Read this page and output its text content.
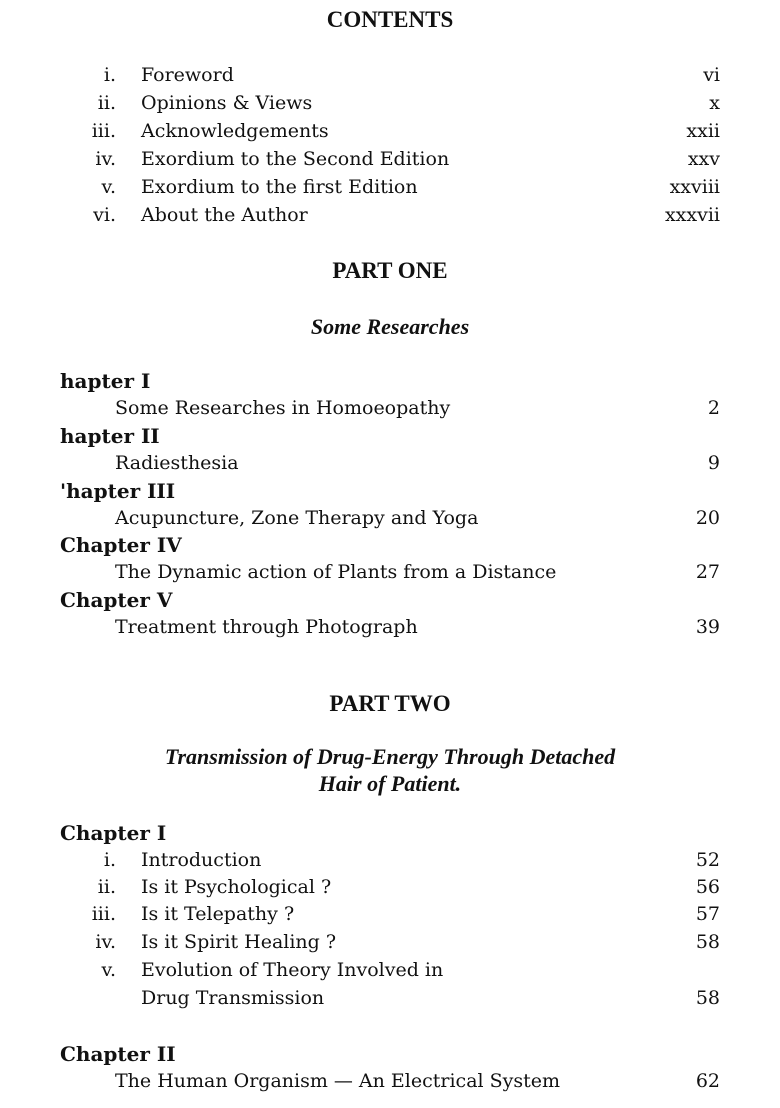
CONTENTS
i. Foreword	vi
ii. Opinions & Views	x
iii. Acknowledgements	xxii
iv. Exordium to the Second Edition	xxv
v. Exordium to the first Edition	xxviii
vi. About the Author	xxxvii
PART ONE
Some Researches
hapter I
Some Researches in Homoeopathy	2
hapter II
Radiesthesia	9
'hapter III
Acupuncture, Zone Therapy and Yoga	20
Chapter IV
The Dynamic action of Plants from a Distance	27
Chapter V
Treatment through Photograph	39
PART TWO
Transmission of Drug-Energy Through Detached
Hair of Patient.
Chapter I
i. Introduction	52
ii. Is it Psychological ?	56
iii. Is it Telepathy ?	57
iv. Is it Spirit Healing ?	58
v. Evolution of Theory Involved in
Drug Transmission	58
Chapter II
The Human Organism — An Electrical System	62
